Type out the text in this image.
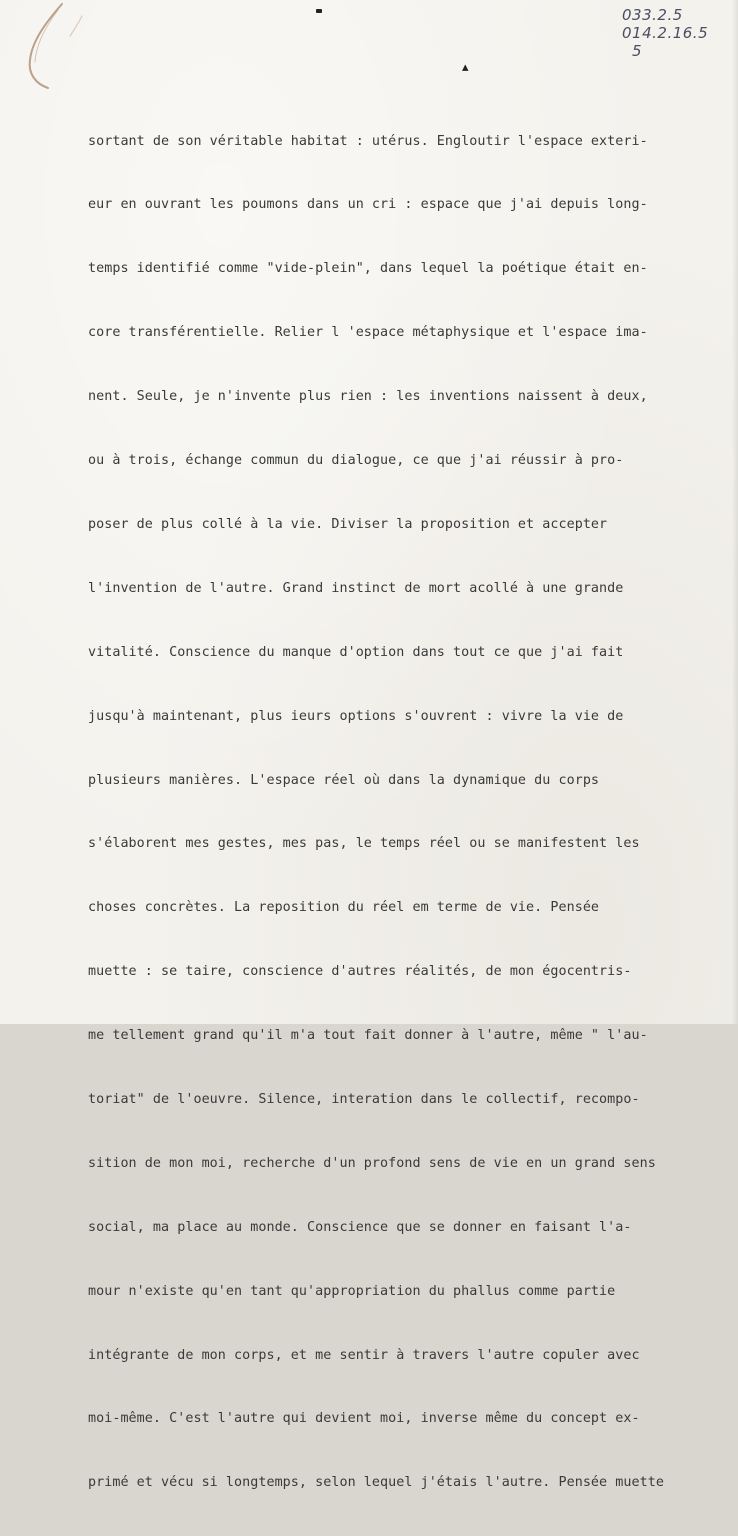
033.2.5
014.2.16.5
5
▴

sortant de son véritable habitat : utérus. Engloutir l'espace exteri-

eur en ouvrant les poumons dans un cri : espace que j'ai depuis long-

temps identifié comme "vide-plein", dans lequel la poétique était en-

core transférentielle. Relier l 'espace métaphysique et l'espace ima-

nent. Seule, je n'invente plus rien : les inventions naissent à deux,

ou à trois, échange commun du dialogue, ce que j'ai réussir à pro-

poser de plus collé à la vie. Diviser la proposition et accepter

l'invention de l'autre. Grand instinct de mort acollé à une grande

vitalité. Conscience du manque d'option dans tout ce que j'ai fait

jusqu'à maintenant, plus ieurs options s'ouvrent : vivre la vie de

plusieurs manières. L'espace réel où dans la dynamique du corps

s'élaborent mes gestes, mes pas, le temps réel ou se manifestent les

choses concrètes. La reposition du réel em terme de vie. Pensée

muette : se taire, conscience d'autres réalités, de mon égocentris-

me tellement grand qu'il m'a tout fait donner à l'autre, même " l'au-

toriat" de l'oeuvre. Silence, interation dans le collectif, recompo-

sition de mon moi, recherche d'un profond sens de vie en un grand sens

social, ma place au monde. Conscience que se donner en faisant l'a-

mour n'existe qu'en tant qu'appropriation du phallus comme partie

intégrante de mon corps, et me sentir à travers l'autre copuler avec

moi-même. C'est l'autre qui devient moi, inverse même du concept ex-

primé et vécu si longtemps, selon lequel j'étais l'autre. Pensée muette
